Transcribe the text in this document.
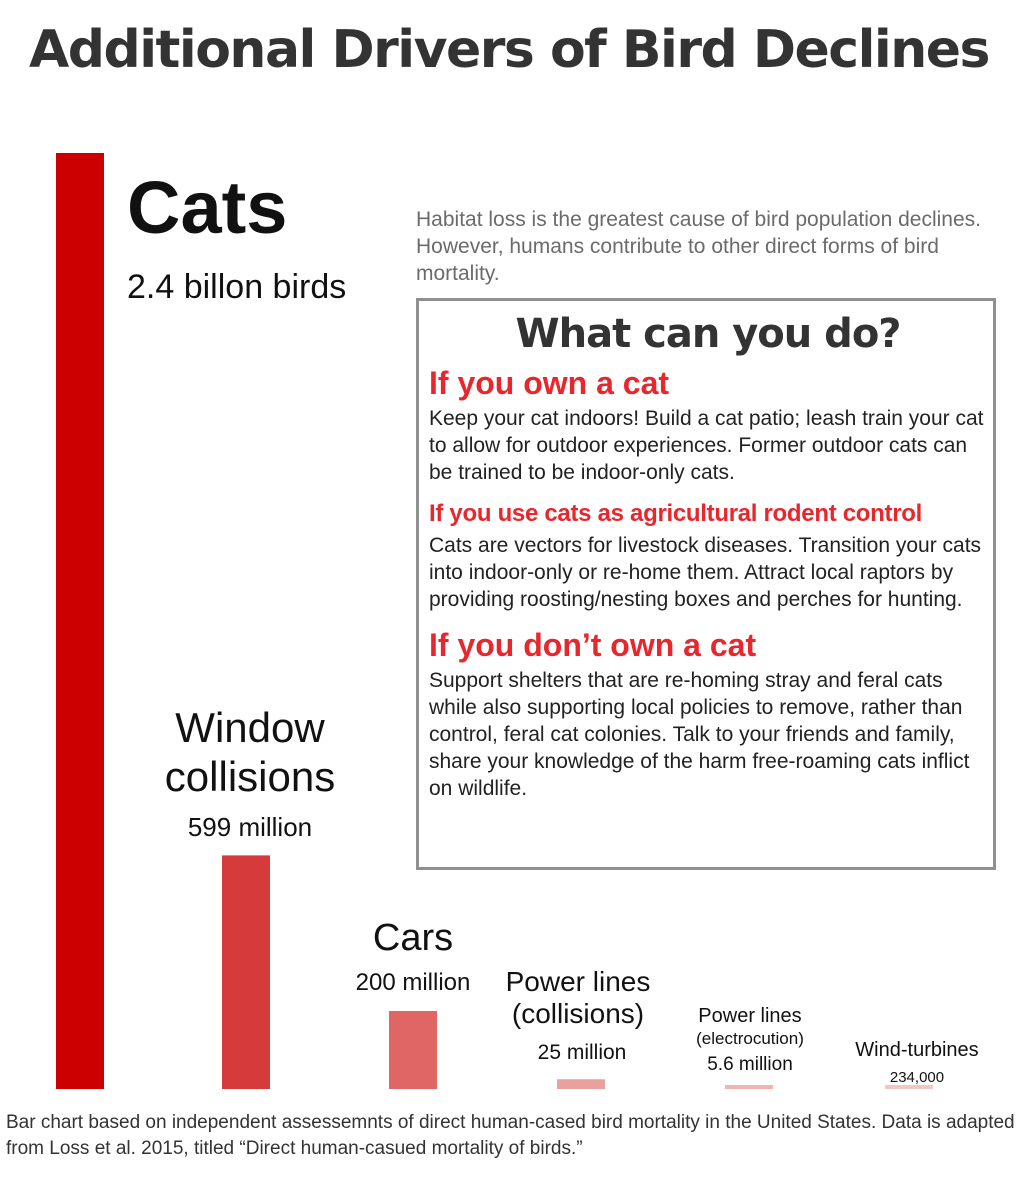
Additional Drivers of Bird Declines
Cats
2.4 billon birds
Window
collisions
599 million
Cars
200 million Power lines
(collisions)
25 million
Power lines
(electrocution)
5.6 million
Wind-turbines
234,000
Habitat loss is the greatest cause of bird population declines. However, humans contribute to other direct forms of bird mortality.
What can you do?
If you own a cat
Keep your cat indoors! Build a cat patio; leash train your cat to allow for outdoor experiences. Former outdoor cats can be trained to be indoor-only cats.
If you use cats as agricultural rodent control
Cats are vectors for livestock diseases. Transition your cats into indoor-only or re-home them. Attract local raptors by providing roosting/nesting boxes and perches for hunting.
If you don’t own a cat
Support shelters that are re-homing stray and feral cats while also supporting local policies to remove, rather than control, feral cat colonies. Talk to your friends and family, share your knowledge of the harm free-roaming cats inflict on wildlife.
Bar chart based on independent assessemnts of direct human-cased bird mortality in the United States. Data is adapted from Loss et al. 2015, titled “Direct human-casued mortality of birds.”
